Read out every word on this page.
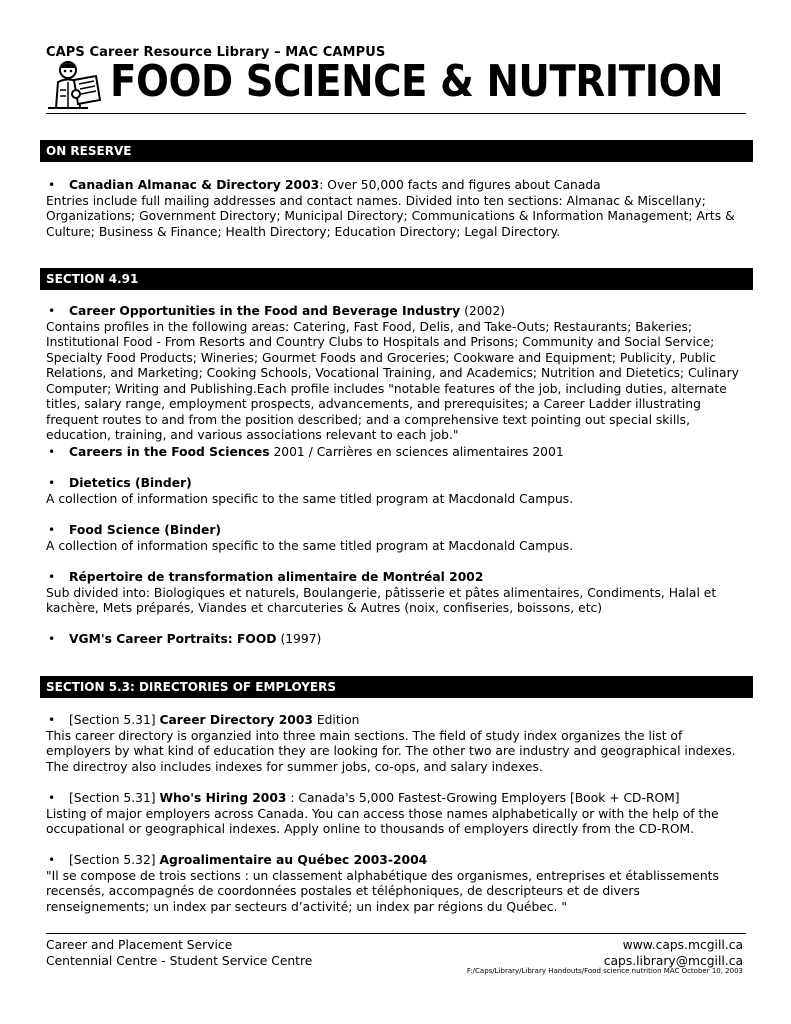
CAPS Career Resource Library – MAC CAMPUS
FOOD SCIENCE & NUTRITION
ON RESERVE

• Canadian Almanac & Directory 2003: Over 50,000 facts and figures about Canada

Entries include full mailing addresses and contact names. Divided into ten sections: Almanac & Miscellany; Organizations; Government Directory; Municipal Directory; Communications & Information Management; Arts & Culture; Business & Finance; Health Directory; Education Directory; Legal Directory.

SECTION 4.91

• Career Opportunities in the Food and Beverage Industry (2002)

Contains profiles in the following areas: Catering, Fast Food, Delis, and Take-Outs; Restaurants; Bakeries; Institutional Food - From Resorts and Country Clubs to Hospitals and Prisons; Community and Social Service; Specialty Food Products; Wineries; Gourmet Foods and Groceries; Cookware and Equipment; Publicity, Public Relations, and Marketing; Cooking Schools, Vocational Training, and Academics; Nutrition and Dietetics; Culinary Computer; Writing and Publishing.Each profile includes "notable features of the job, including duties, alternate titles, salary range, employment prospects, advancements, and prerequisites; a Career Ladder illustrating frequent routes to and from the position described; and a comprehensive text pointing out special skills, education, training, and various associations relevant to each job."

• Careers in the Food Sciences 2001 / Carrières en sciences alimentaires 2001

• Dietetics (Binder)

A collection of information specific to the same titled program at Macdonald Campus.

• Food Science (Binder)

A collection of information specific to the same titled program at Macdonald Campus.

• Répertoire de transformation alimentaire de Montréal 2002

Sub divided into: Biologiques et naturels, Boulangerie, pâtisserie et pâtes alimentaires, Condiments, Halal et kachère, Mets préparés, Viandes et charcuteries & Autres (noix, confiseries, boissons, etc)

• VGM's Career Portraits: FOOD (1997)

SECTION 5.3: DIRECTORIES OF EMPLOYERS

• [Section 5.31] Career Directory 2003 Edition

This career directory is organzied into three main sections. The field of study index organizes the list of employers by what kind of education they are looking for. The other two are industry and geographical indexes. The directroy also includes indexes for summer jobs, co-ops, and salary indexes.

• [Section 5.31] Who's Hiring 2003 : Canada's 5,000 Fastest-Growing Employers [Book + CD-ROM]

Listing of major employers across Canada. You can access those names alphabetically or with the help of the occupational or geographical indexes. Apply online to thousands of employers directly from the CD-ROM.

• [Section 5.32] Agroalimentaire au Québec 2003-2004

"Il se compose de trois sections : un classement alphabétique des organismes, entreprises et établissements recensés, accompagnés de coordonnées postales et téléphoniques, de descripteurs et de divers renseignements; un index par secteurs d’activité; un index par régions du Québec. "

Career and Placement Service
Centennial Centre - Student Service Centre
www.caps.mcgill.ca
caps.library@mcgill.ca
F:/Caps/Library/Library Handouts/Food science nutrition MAC October 10, 2003
